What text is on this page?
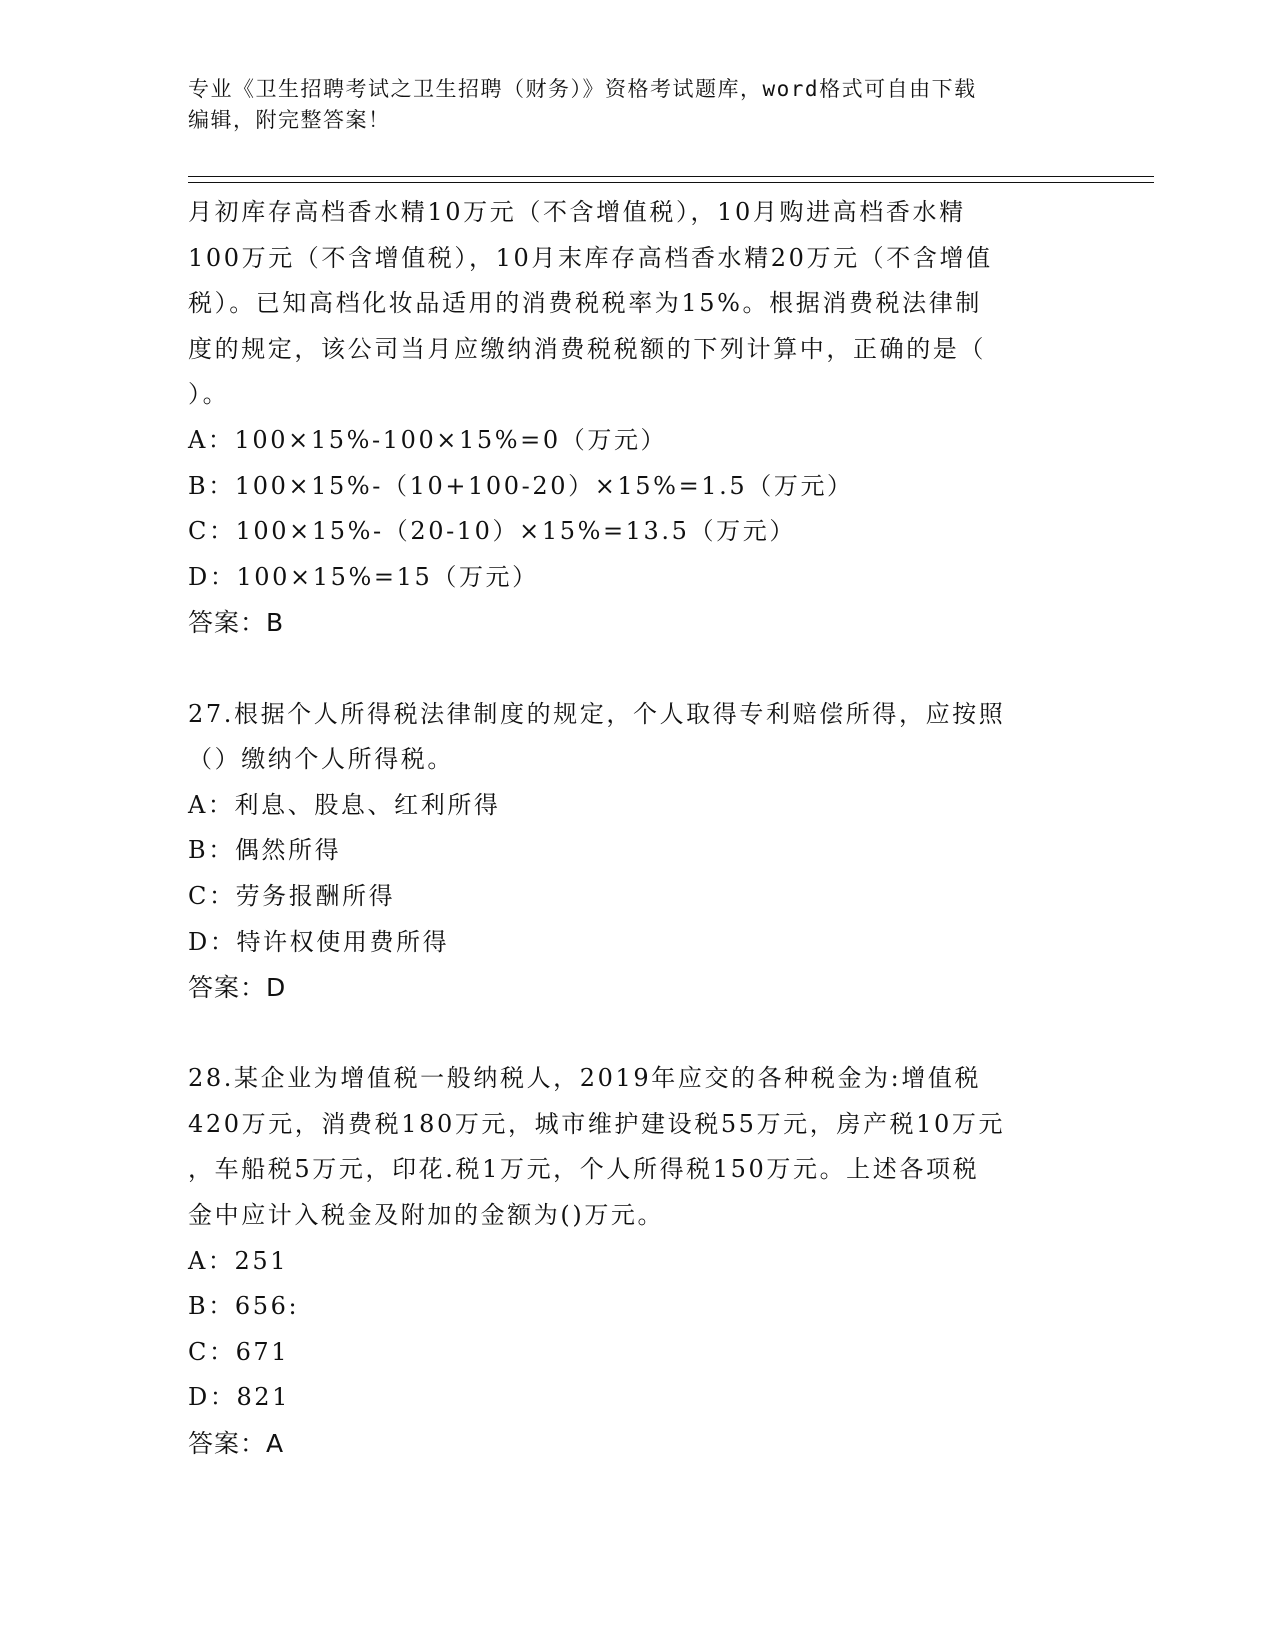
专业《卫生招聘考试之卫生招聘（财务）》资格考试题库，word格式可自由下载
编辑，附完整答案！
月初库存高档香水精10万元（不含增值税），10月购进高档香水精
100万元（不含增值税），10月末库存高档香水精20万元（不含增值
税）。已知高档化妆品适用的消费税税率为15%。根据消费税法律制
度的规定，该公司当月应缴纳消费税税额的下列计算中，正确的是（
）。
A：100×15%-100×15%=0（万元）
B：100×15%-（10+100-20）×15%=1.5（万元）
C：100×15%-（20-10）×15%=13.5（万元）
D：100×15%=15（万元）
答案：B
27.根据个人所得税法律制度的规定，个人取得专利赔偿所得，应按照
（）缴纳个人所得税。
A：利息、股息、红利所得
B：偶然所得
C：劳务报酬所得
D：特许权使用费所得
答案：D
28.某企业为增值税一般纳税人，2019年应交的各种税金为:增值税
420万元，消费税180万元，城市维护建设税55万元，房产税10万元
，车船税5万元，印花.税1万元，个人所得税150万元。上述各项税
金中应计入税金及附加的金额为()万元。
A：251
B：656:
C：671
D：821
答案：A
